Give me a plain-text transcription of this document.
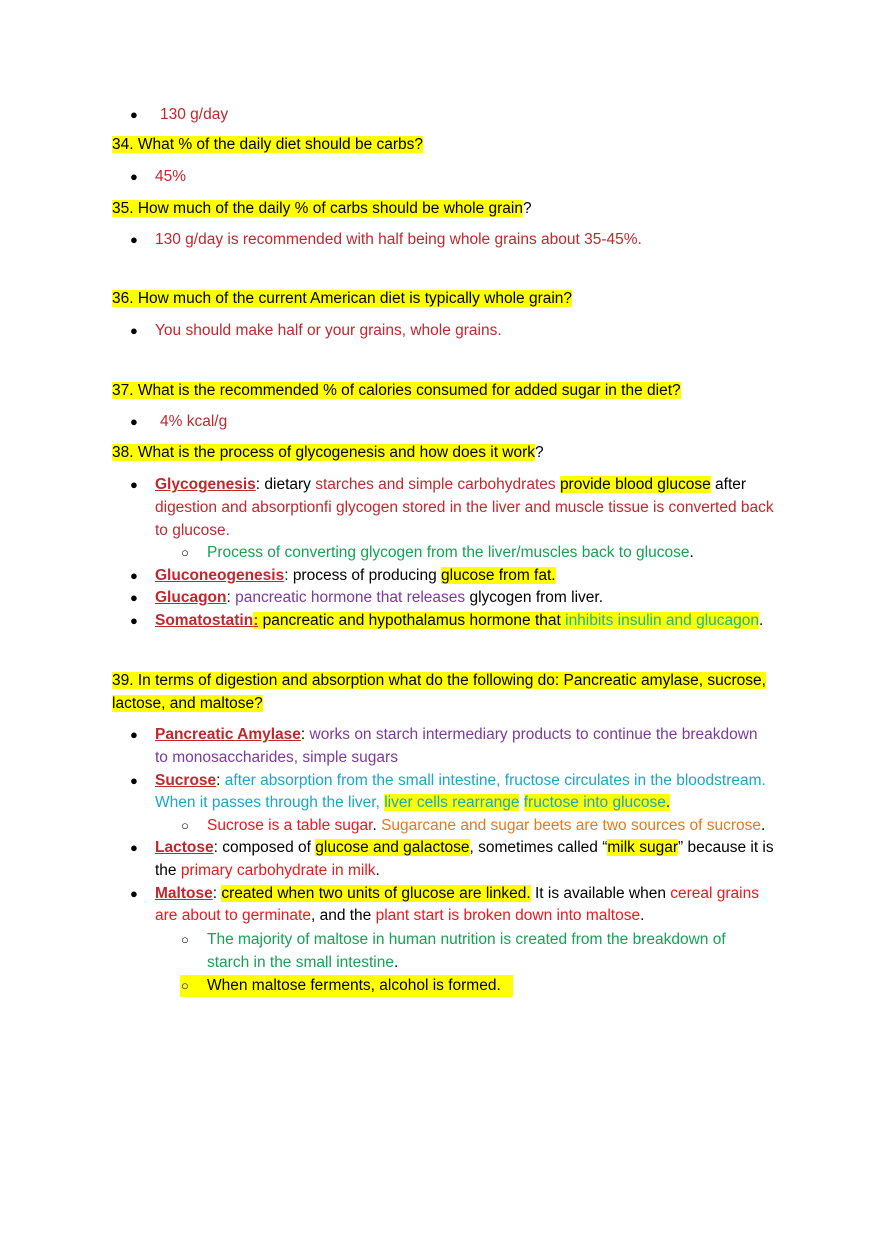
● 130 g/day
34. What % of the daily diet should be carbs?
● 45%
35. How much of the daily % of carbs should be whole grain?
● 130 g/day is recommended with half being whole grains about 35-45%.
36. How much of the current American diet is typically whole grain?
● You should make half or your grains, whole grains.
37. What is the recommended % of calories consumed for added sugar in the diet?
● 4% kcal/g
38. What is the process of glycogenesis and how does it work?
● Glycogenesis: dietary starches and simple carbohydrates provide blood glucose after
digestion and absorptionfi glycogen stored in the liver and muscle tissue is converted back
to glucose.
○ Process of converting glycogen from the liver/muscles back to glucose.
● Gluconeogenesis: process of producing glucose from fat.
● Glucagon: pancreatic hormone that releases glycogen from liver.
● Somatostatin: pancreatic and hypothalamus hormone that inhibits insulin and glucagon.
39. In terms of digestion and absorption what do the following do: Pancreatic amylase, sucrose,
lactose, and maltose?
● Pancreatic Amylase: works on starch intermediary products to continue the breakdown
to monosaccharides, simple sugars
● Sucrose: after absorption from the small intestine, fructose circulates in the bloodstream.
When it passes through the liver, liver cells rearrange fructose into glucose.
○ Sucrose is a table sugar. Sugarcane and sugar beets are two sources of sucrose.
● Lactose: composed of glucose and galactose, sometimes called “milk sugar” because it is
the primary carbohydrate in milk.
● Maltose: created when two units of glucose are linked. It is available when cereal grains
are about to germinate, and the plant start is broken down into maltose.
○ The majority of maltose in human nutrition is created from the breakdown of
starch in the small intestine.
○ When maltose ferments, alcohol is formed.
